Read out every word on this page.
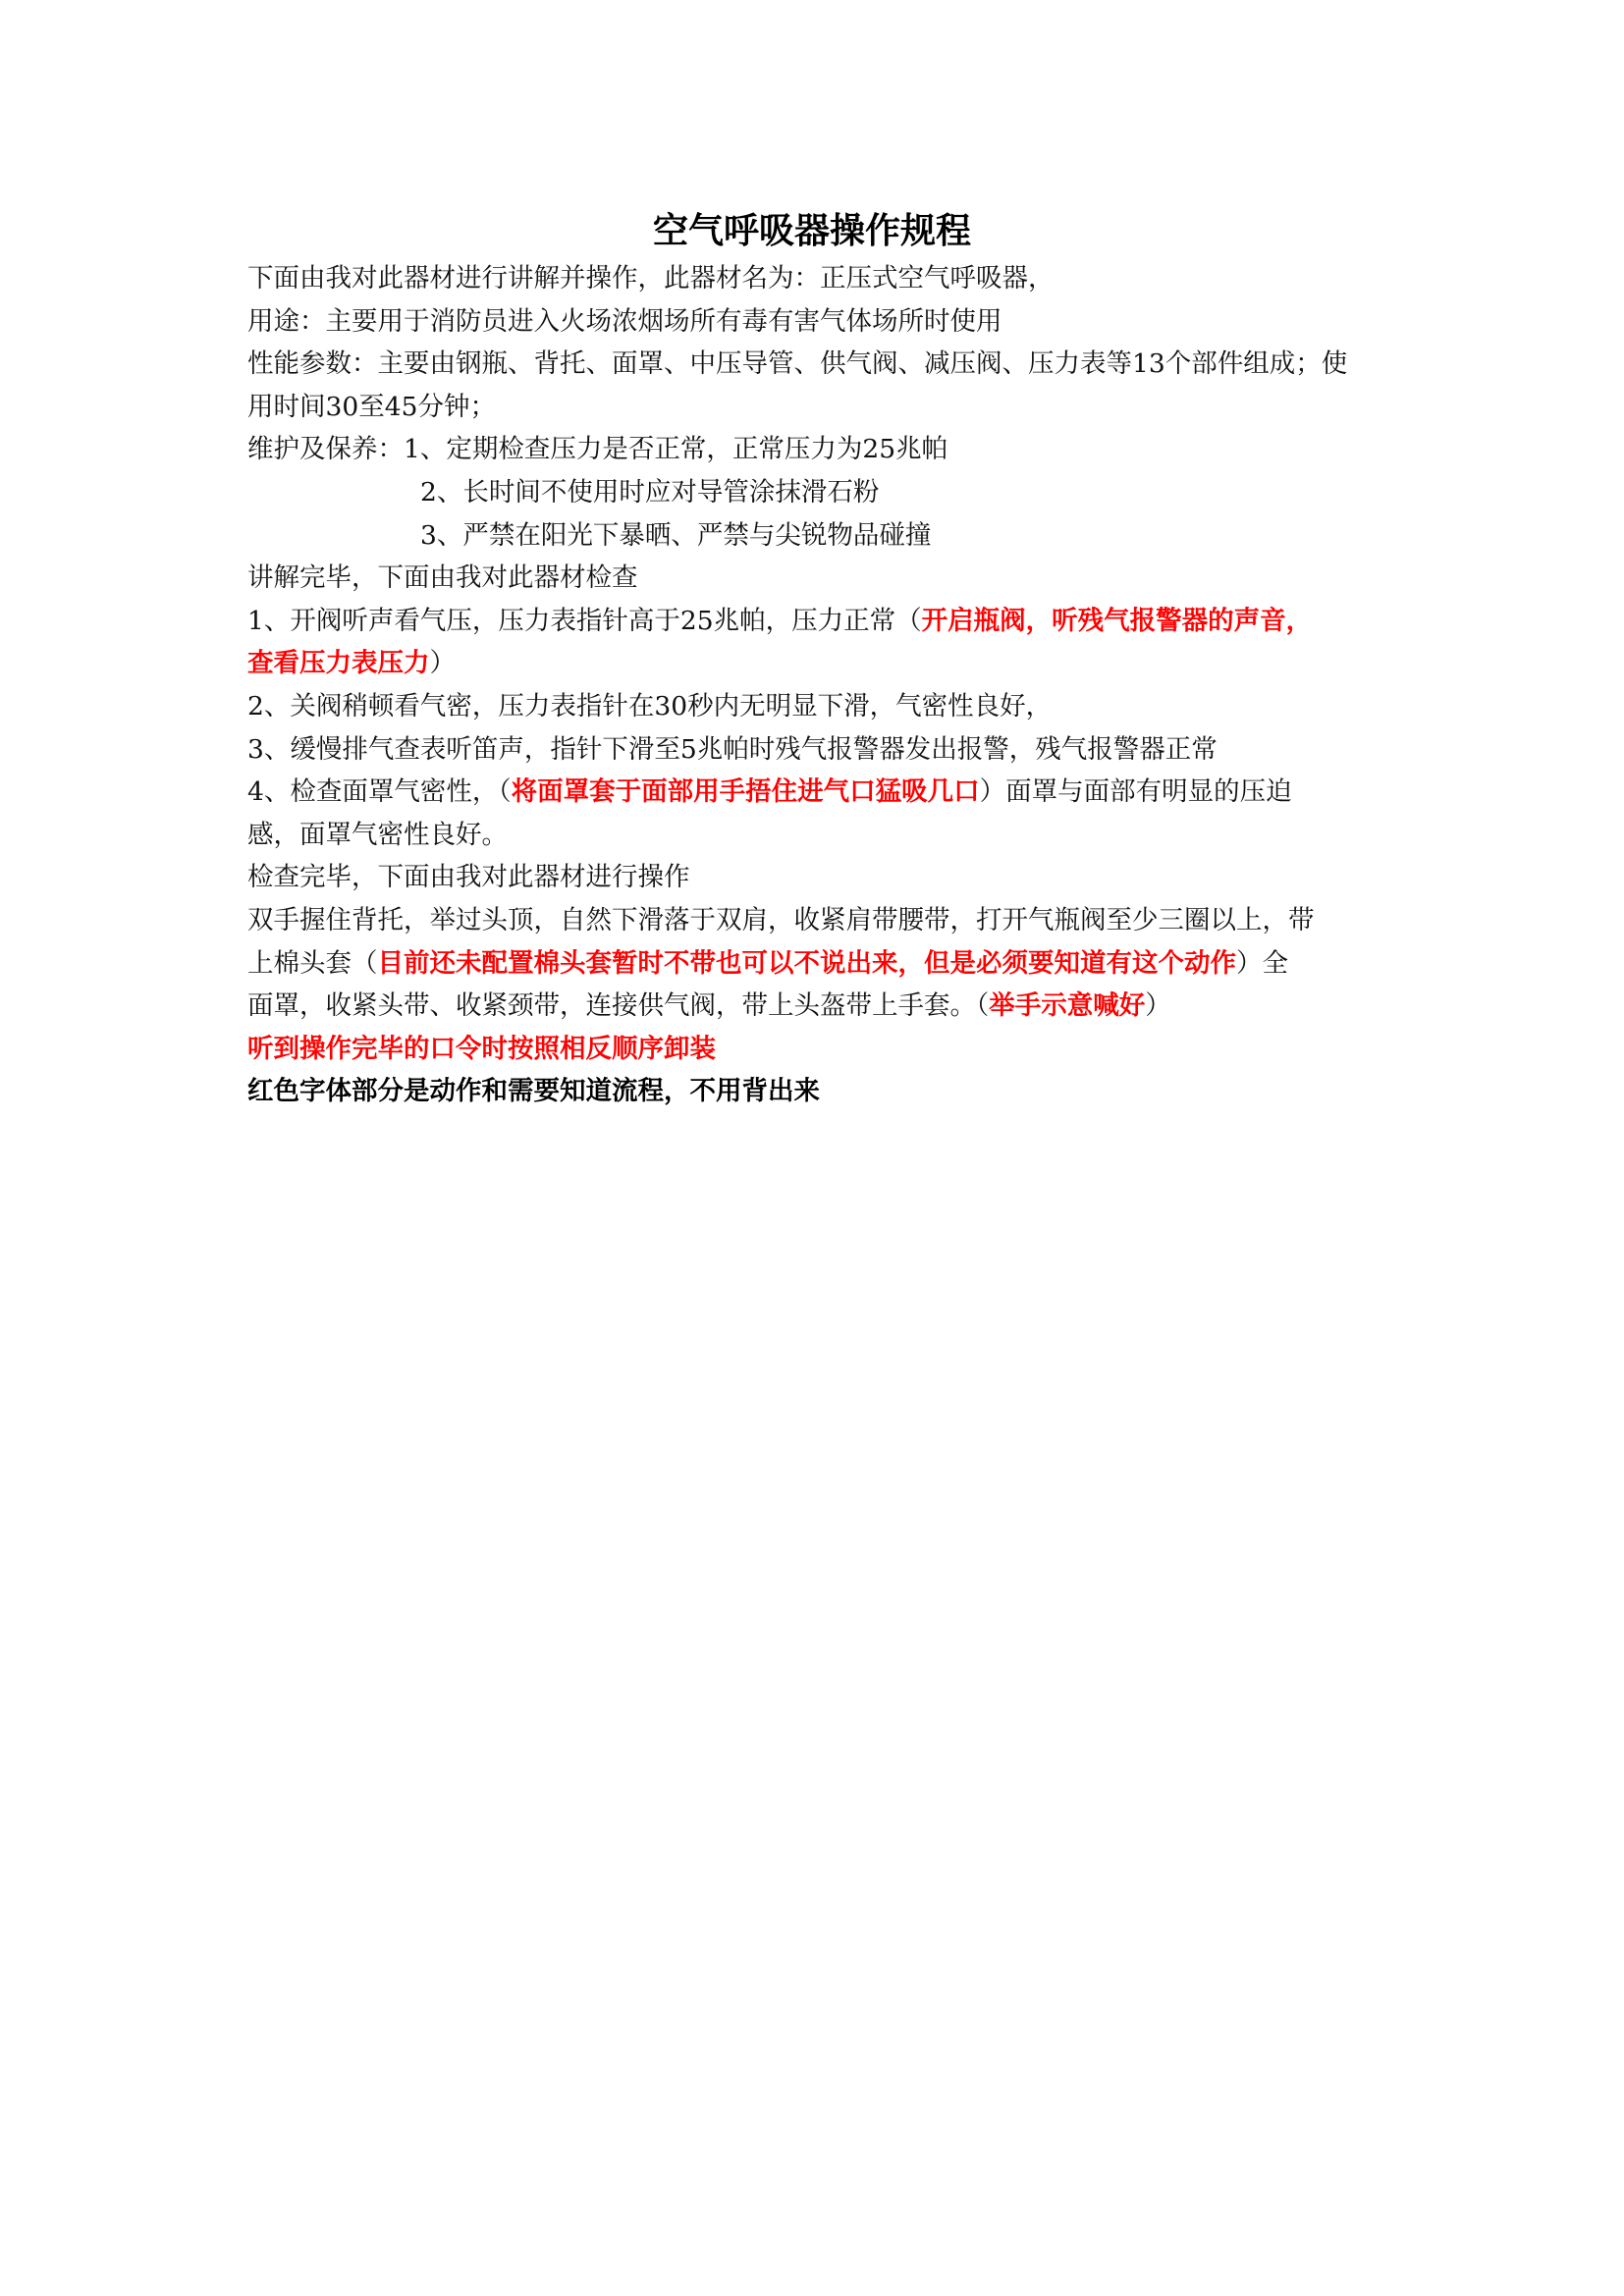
空气呼吸器操作规程
下面由我对此器材进行讲解并操作，此器材名为：正压式空气呼吸器，
用途：主要用于消防员进入火场浓烟场所有毒有害气体场所时使用
性能参数：主要由钢瓶、背托、面罩、中压导管、供气阀、减压阀、压力表等13个部件组成；使
用时间30至45分钟；
维护及保养：1、定期检查压力是否正常，正常压力为25兆帕
2、长时间不使用时应对导管涂抹滑石粉
3、严禁在阳光下暴晒、严禁与尖锐物品碰撞
讲解完毕，下面由我对此器材检查
1、开阀听声看气压，压力表指针高于25兆帕，压力正常（开启瓶阀，听残气报警器的声音，
查看压力表压力）
2、关阀稍顿看气密，压力表指针在30秒内无明显下滑，气密性良好，
3、缓慢排气查表听笛声，指针下滑至5兆帕时残气报警器发出报警，残气报警器正常
4、检查面罩气密性，（将面罩套于面部用手捂住进气口猛吸几口）面罩与面部有明显的压迫
感，面罩气密性良好。
检查完毕，下面由我对此器材进行操作
双手握住背托，举过头顶，自然下滑落于双肩，收紧肩带腰带，打开气瓶阀至少三圈以上，带
上棉头套（目前还未配置棉头套暂时不带也可以不说出来，但是必须要知道有这个动作）全
面罩，收紧头带、收紧颈带，连接供气阀，带上头盔带上手套。（举手示意喊好）
听到操作完毕的口令时按照相反顺序卸装
红色字体部分是动作和需要知道流程，不用背出来
